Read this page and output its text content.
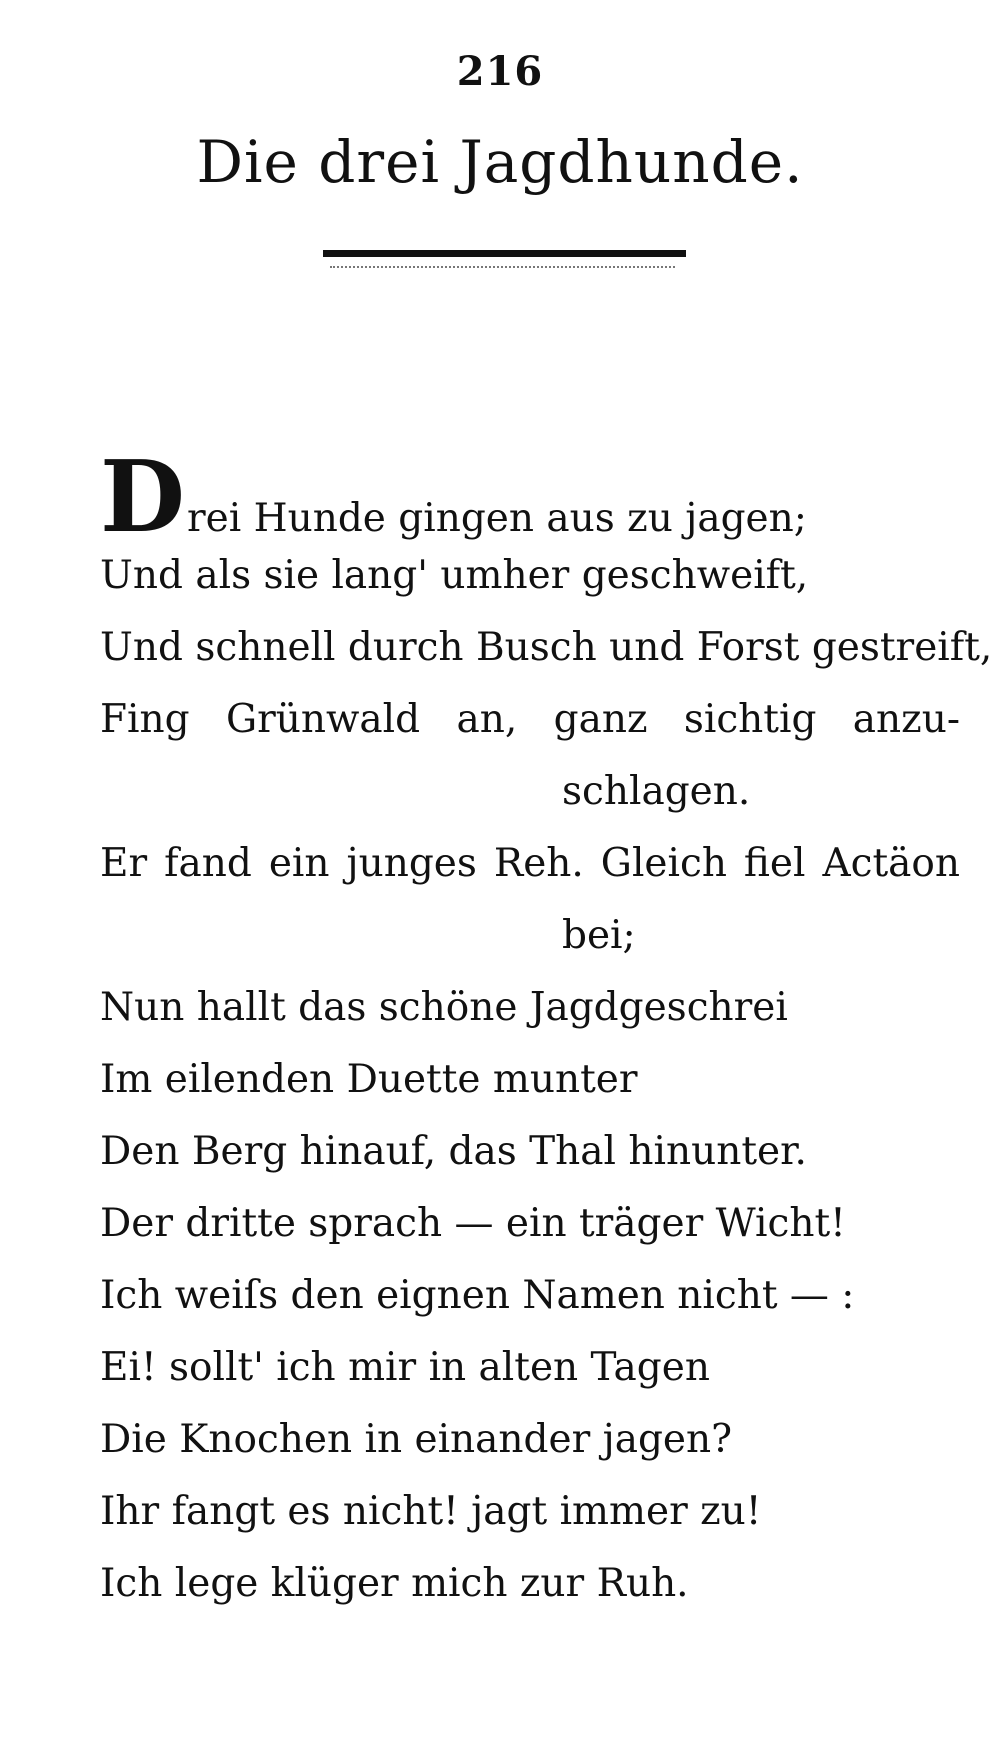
216
Die drei Jagdhunde.
Drei Hunde gingen aus zu jagen;
Und als sie lang' umher geschweift,
Und schnell durch Busch und Forst gestreift,
Fing Grünwald an, ganz sichtig anzu-
schlagen.
Er fand ein junges Reh. Gleich fiel Actäon
bei;
Nun hallt das schöne Jagdgeschrei
Im eilenden Duette munter
Den Berg hinauf, das Thal hinunter.
Der dritte sprach — ein träger Wicht!
Ich weiſs den eignen Namen nicht — :
Ei! sollt' ich mir in alten Tagen
Die Knochen in einander jagen?
Ihr fangt es nicht! jagt immer zu!
Ich lege klüger mich zur Ruh.
